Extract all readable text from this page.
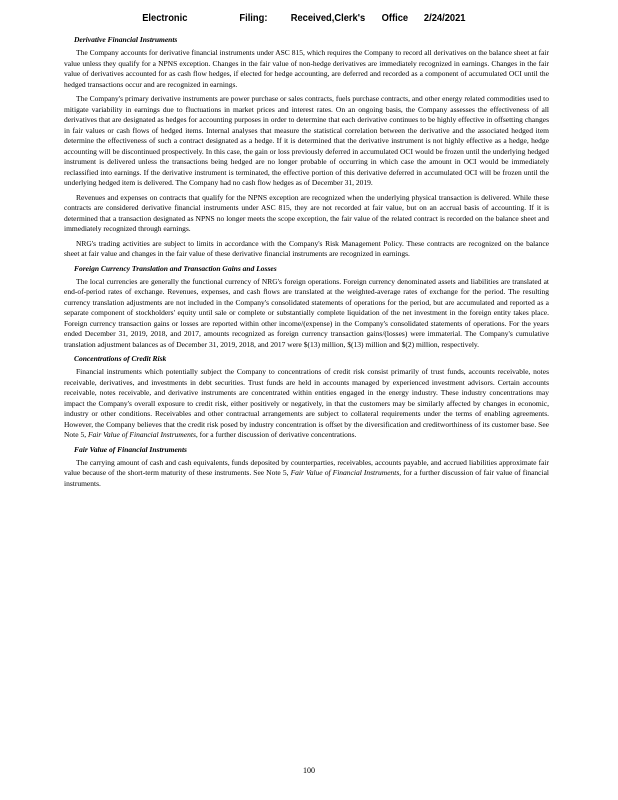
Electronic	Filing: Received,Clerk's Office 2/24/2021
Derivative Financial Instruments

The Company accounts for derivative financial instruments under ASC 815, which requires the Company to record all derivatives on the balance sheet at fair value unless they qualify for a NPNS exception. Changes in the fair value of non-hedge derivatives are immediately recognized in earnings. Changes in the fair value of derivatives accounted for as cash flow hedges, if elected for hedge accounting, are deferred and recorded as a component of accumulated OCI until the hedged transactions occur and are recognized in earnings.

The Company's primary derivative instruments are power purchase or sales contracts, fuels purchase contracts, and other energy related commodities used to mitigate variability in earnings due to fluctuations in market prices and interest rates. On an ongoing basis, the Company assesses the effectiveness of all derivatives that are designated as hedges for accounting purposes in order to determine that each derivative continues to be highly effective in offsetting changes in fair values or cash flows of hedged items. Internal analyses that measure the statistical correlation between the derivative and the associated hedged item determine the effectiveness of such a contract designated as a hedge. If it is determined that the derivative instrument is not highly effective as a hedge, hedge accounting will be discontinued prospectively. In this case, the gain or loss previously deferred in accumulated OCI would be frozen until the underlying hedged instrument is delivered unless the transactions being hedged are no longer probable of occurring in which case the amount in OCI would be immediately reclassified into earnings. If the derivative instrument is terminated, the effective portion of this derivative deferred in accumulated OCI will be frozen until the underlying hedged item is delivered. The Company had no cash flow hedges as of December 31, 2019.

Revenues and expenses on contracts that qualify for the NPNS exception are recognized when the underlying physical transaction is delivered. While these contracts are considered derivative financial instruments under ASC 815, they are not recorded at fair value, but on an accrual basis of accounting. If it is determined that a transaction designated as NPNS no longer meets the scope exception, the fair value of the related contract is recorded on the balance sheet and immediately recognized through earnings.

NRG's trading activities are subject to limits in accordance with the Company's Risk Management Policy. These contracts are recognized on the balance sheet at fair value and changes in the fair value of these derivative financial instruments are recognized in earnings.

Foreign Currency Translation and Transaction Gains and Losses

The local currencies are generally the functional currency of NRG's foreign operations. Foreign currency denominated assets and liabilities are translated at end-of-period rates of exchange. Revenues, expenses, and cash flows are translated at the weighted-average rates of exchange for the period. The resulting currency translation adjustments are not included in the Company's consolidated statements of operations for the period, but are accumulated and reported as a separate component of stockholders' equity until sale or complete or substantially complete liquidation of the net investment in the foreign entity takes place. Foreign currency transaction gains or losses are reported within other income/(expense) in the Company's consolidated statements of operations. For the years ended December 31, 2019, 2018, and 2017, amounts recognized as foreign currency transaction gains/(losses) were immaterial. The Company's cumulative translation adjustment balances as of December 31, 2019, 2018, and 2017 were $(13) million, $(13) million and $(2) million, respectively.

Concentrations of Credit Risk

Financial instruments which potentially subject the Company to concentrations of credit risk consist primarily of trust funds, accounts receivable, notes receivable, derivatives, and investments in debt securities. Trust funds are held in accounts managed by experienced investment advisors. Certain accounts receivable, notes receivable, and derivative instruments are concentrated within entities engaged in the energy industry. These industry concentrations may impact the Company's overall exposure to credit risk, either positively or negatively, in that the customers may be similarly affected by changes in economic, industry or other conditions. Receivables and other contractual arrangements are subject to collateral requirements under the terms of enabling agreements. However, the Company believes that the credit risk posed by industry concentration is offset by the diversification and creditworthiness of its customer base. See Note 5, Fair Value of Financial Instruments, for a further discussion of derivative concentrations.

Fair Value of Financial Instruments

The carrying amount of cash and cash equivalents, funds deposited by counterparties, receivables, accounts payable, and accrued liabilities approximate fair value because of the short-term maturity of these instruments. See Note 5, Fair Value of Financial Instruments, for a further discussion of fair value of financial instruments.

100
